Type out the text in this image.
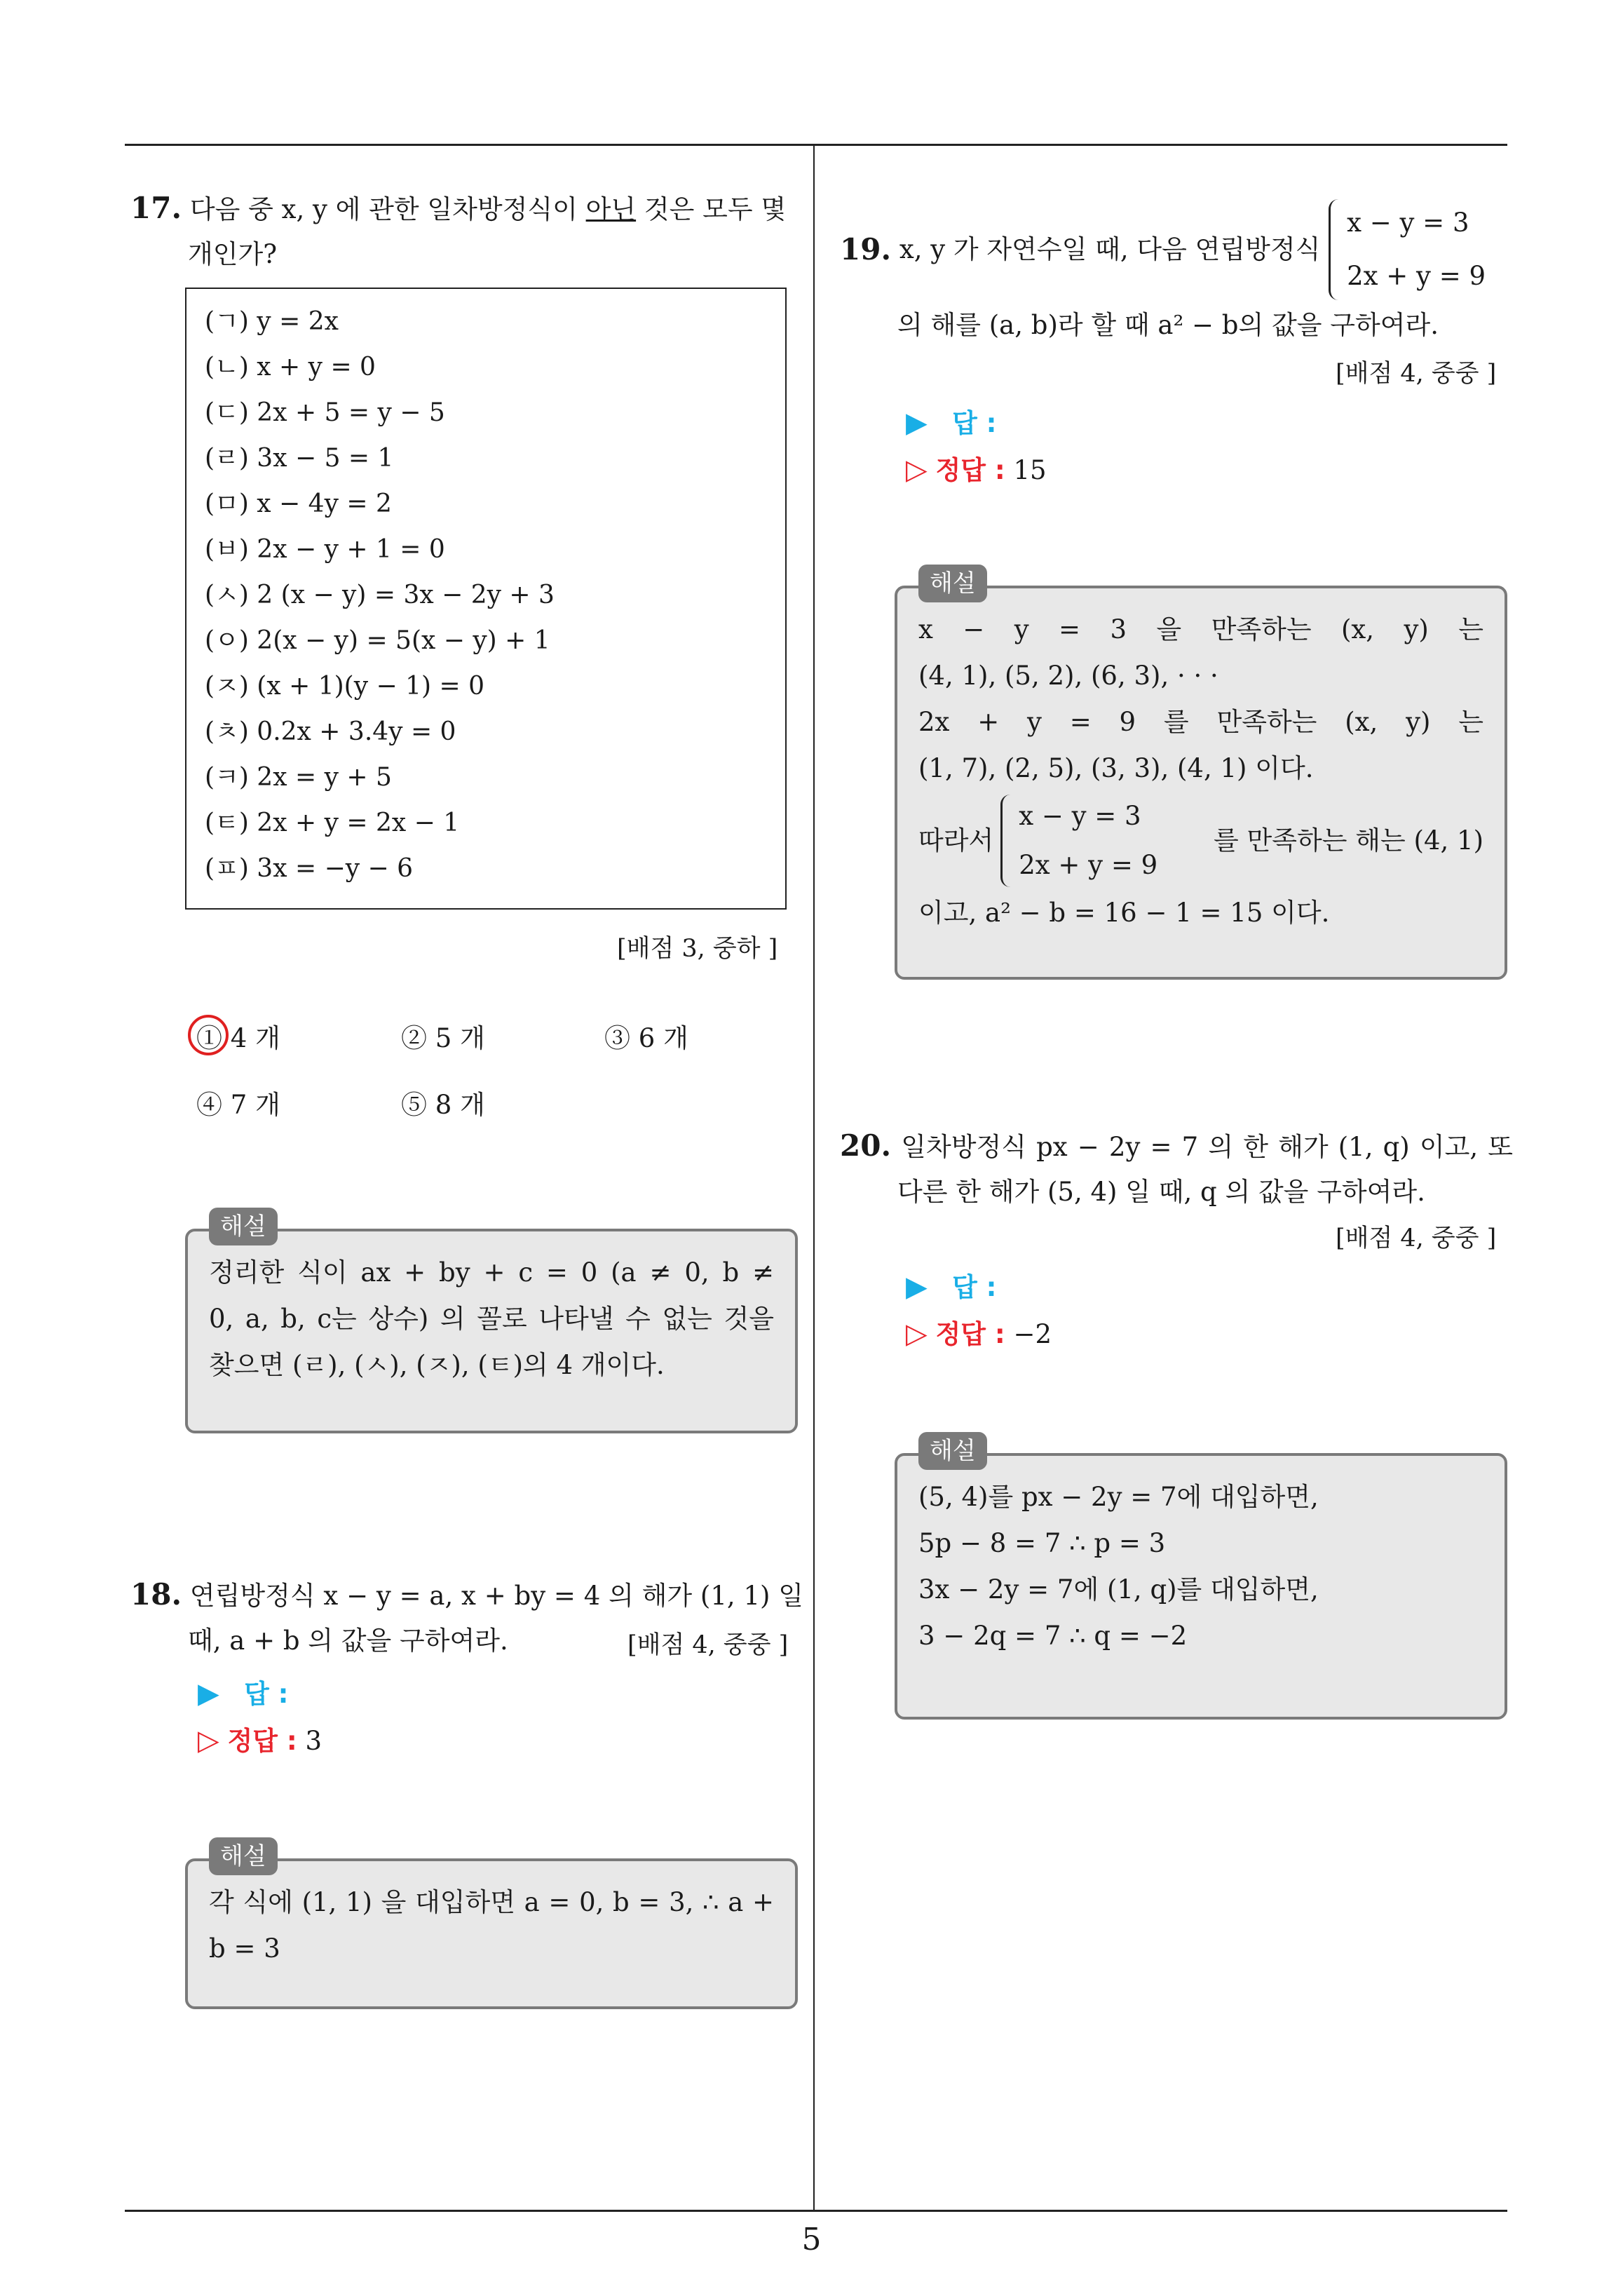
17. 다음 중 x, y 에 관한 일차방정식이 아닌 것은 모두 몇
개인가?
(ㄱ) y = 2x
(ㄴ) x + y = 0
(ㄷ) 2x + 5 = y − 5
(ㄹ) 3x − 5 = 1
(ㅁ) x − 4y = 2
(ㅂ) 2x − y + 1 = 0
(ㅅ) 2 (x − y) = 3x − 2y + 3
(ㅇ) 2(x − y) = 5(x − y) + 1
(ㅈ) (x + 1)(y − 1) = 0
(ㅊ) 0.2x + 3.4y = 0
(ㅋ) 2x = y + 5
(ㅌ) 2x + y = 2x − 1
(ㅍ) 3x = −y − 6
[배점 3, 중하 ]
① 4 개	② 5 개	③ 6 개
④ 7 개	⑤ 8 개
해설
정리한 식이 ax + by + c = 0 (a ≠ 0, b ≠
0, a, b, c는 상수) 의 꼴로 나타낼 수 없는 것을
찾으면 (ㄹ), (ㅅ), (ㅈ), (ㅌ)의 4 개이다.
18. 연립방정식 x − y = a, x + by = 4 의 해가 (1, 1) 일
때, a + b 의 값을 구하여라.	[배점 4, 중중 ]
▶ 답 :
▷ 정답 : 3
해설
각 식에 (1, 1) 을 대입하면 a = 0, b = 3, ∴ a +
b = 3
19.
x, y 가 자연수일 때, 다음 연립방정식

x − y = 3
2x + y = 9
의 해를 (a, b)라 할 때 a² − b의 값을 구하여라.
[배점 4, 중중 ]
▶ 답 :
▷ 정답 : 15
해설
x − y = 3 을 만족하는 (x, y) 는
(4, 1), (5, 2), (6, 3), · · ·
2x + y = 9 를 만족하는 (x, y) 는
(1, 7), (2, 5), (3, 3), (4, 1) 이다.
따라서
x − y = 3
2x + y = 9
를 만족하는 해는 (4, 1)
이고, a² − b = 16 − 1 = 15 이다.
20. 일차방정식 px − 2y = 7 의 한 해가 (1, q) 이고, 또
다른 한 해가 (5, 4) 일 때, q 의 값을 구하여라.
[배점 4, 중중 ]
▶ 답 :
▷ 정답 : −2
해설
(5, 4)를 px − 2y = 7에 대입하면,
5p − 8 = 7 ∴ p = 3
3x − 2y = 7에 (1, q)를 대입하면,
3 − 2q = 7 ∴ q = −2
5
